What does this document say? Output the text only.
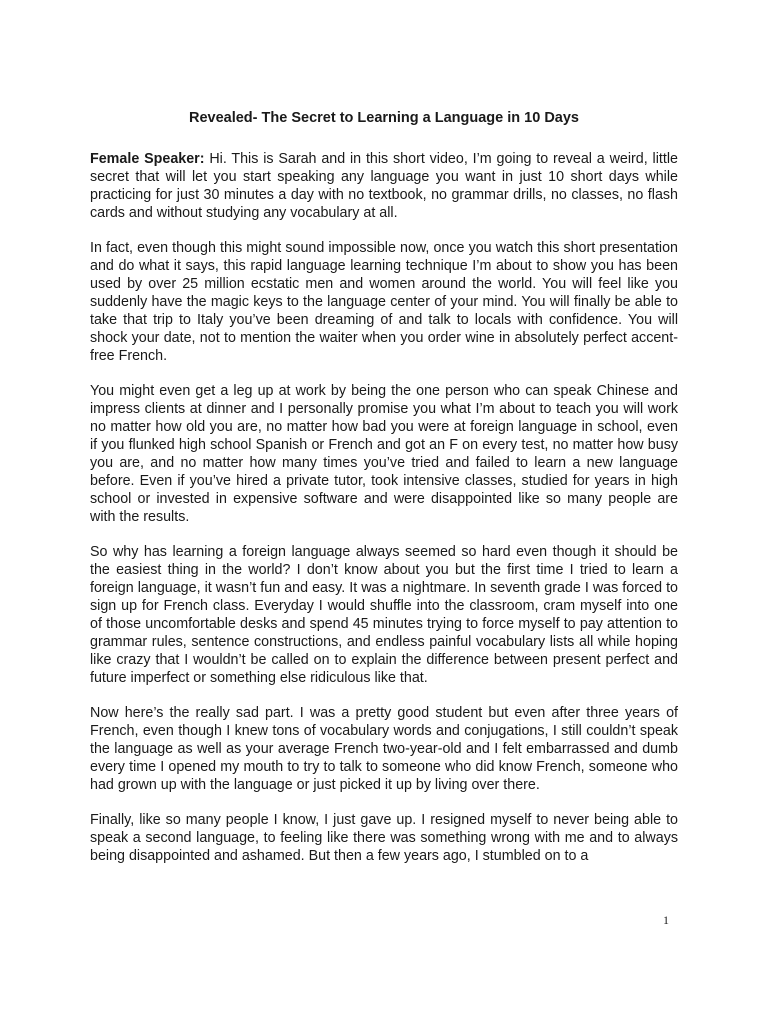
Revealed- The Secret to Learning a Language in 10 Days

Female Speaker: Hi. This is Sarah and in this short video, I’m going to reveal a weird, little secret that will let you start speaking any language you want in just 10 short days while practicing for just 30 minutes a day with no textbook, no grammar drills, no classes, no flash cards and without studying any vocabulary at all.

In fact, even though this might sound impossible now, once you watch this short presentation and do what it says, this rapid language learning technique I’m about to show you has been used by over 25 million ecstatic men and women around the world. You will feel like you suddenly have the magic keys to the language center of your mind. You will finally be able to take that trip to Italy you’ve been dreaming of and talk to locals with confidence. You will shock your date, not to mention the waiter when you order wine in absolutely perfect accent-free French.

You might even get a leg up at work by being the one person who can speak Chinese and impress clients at dinner and I personally promise you what I’m about to teach you will work no matter how old you are, no matter how bad you were at foreign language in school, even if you flunked high school Spanish or French and got an F on every test, no matter how busy you are, and no matter how many times you’ve tried and failed to learn a new language before. Even if you’ve hired a private tutor, took intensive classes, studied for years in high school or invested in expensive software and were disappointed like so many people are with the results.

So why has learning a foreign language always seemed so hard even though it should be the easiest thing in the world? I don’t know about you but the first time I tried to learn a foreign language, it wasn’t fun and easy. It was a nightmare. In seventh grade I was forced to sign up for French class. Everyday I would shuffle into the classroom, cram myself into one of those uncomfortable desks and spend 45 minutes trying to force myself to pay attention to grammar rules, sentence constructions, and endless painful vocabulary lists all while hoping like crazy that I wouldn’t be called on to explain the difference between present perfect and future imperfect or something else ridiculous like that.

Now here’s the really sad part. I was a pretty good student but even after three years of French, even though I knew tons of vocabulary words and conjugations, I still couldn’t speak the language as well as your average French two-year-old and I felt embarrassed and dumb every time I opened my mouth to try to talk to someone who did know French, someone who had grown up with the language or just picked it up by living over there.

Finally, like so many people I know, I just gave up. I resigned myself to never being able to speak a second language, to feeling like there was something wrong with me and to always being disappointed and ashamed. But then a few years ago, I stumbled on to a

1
